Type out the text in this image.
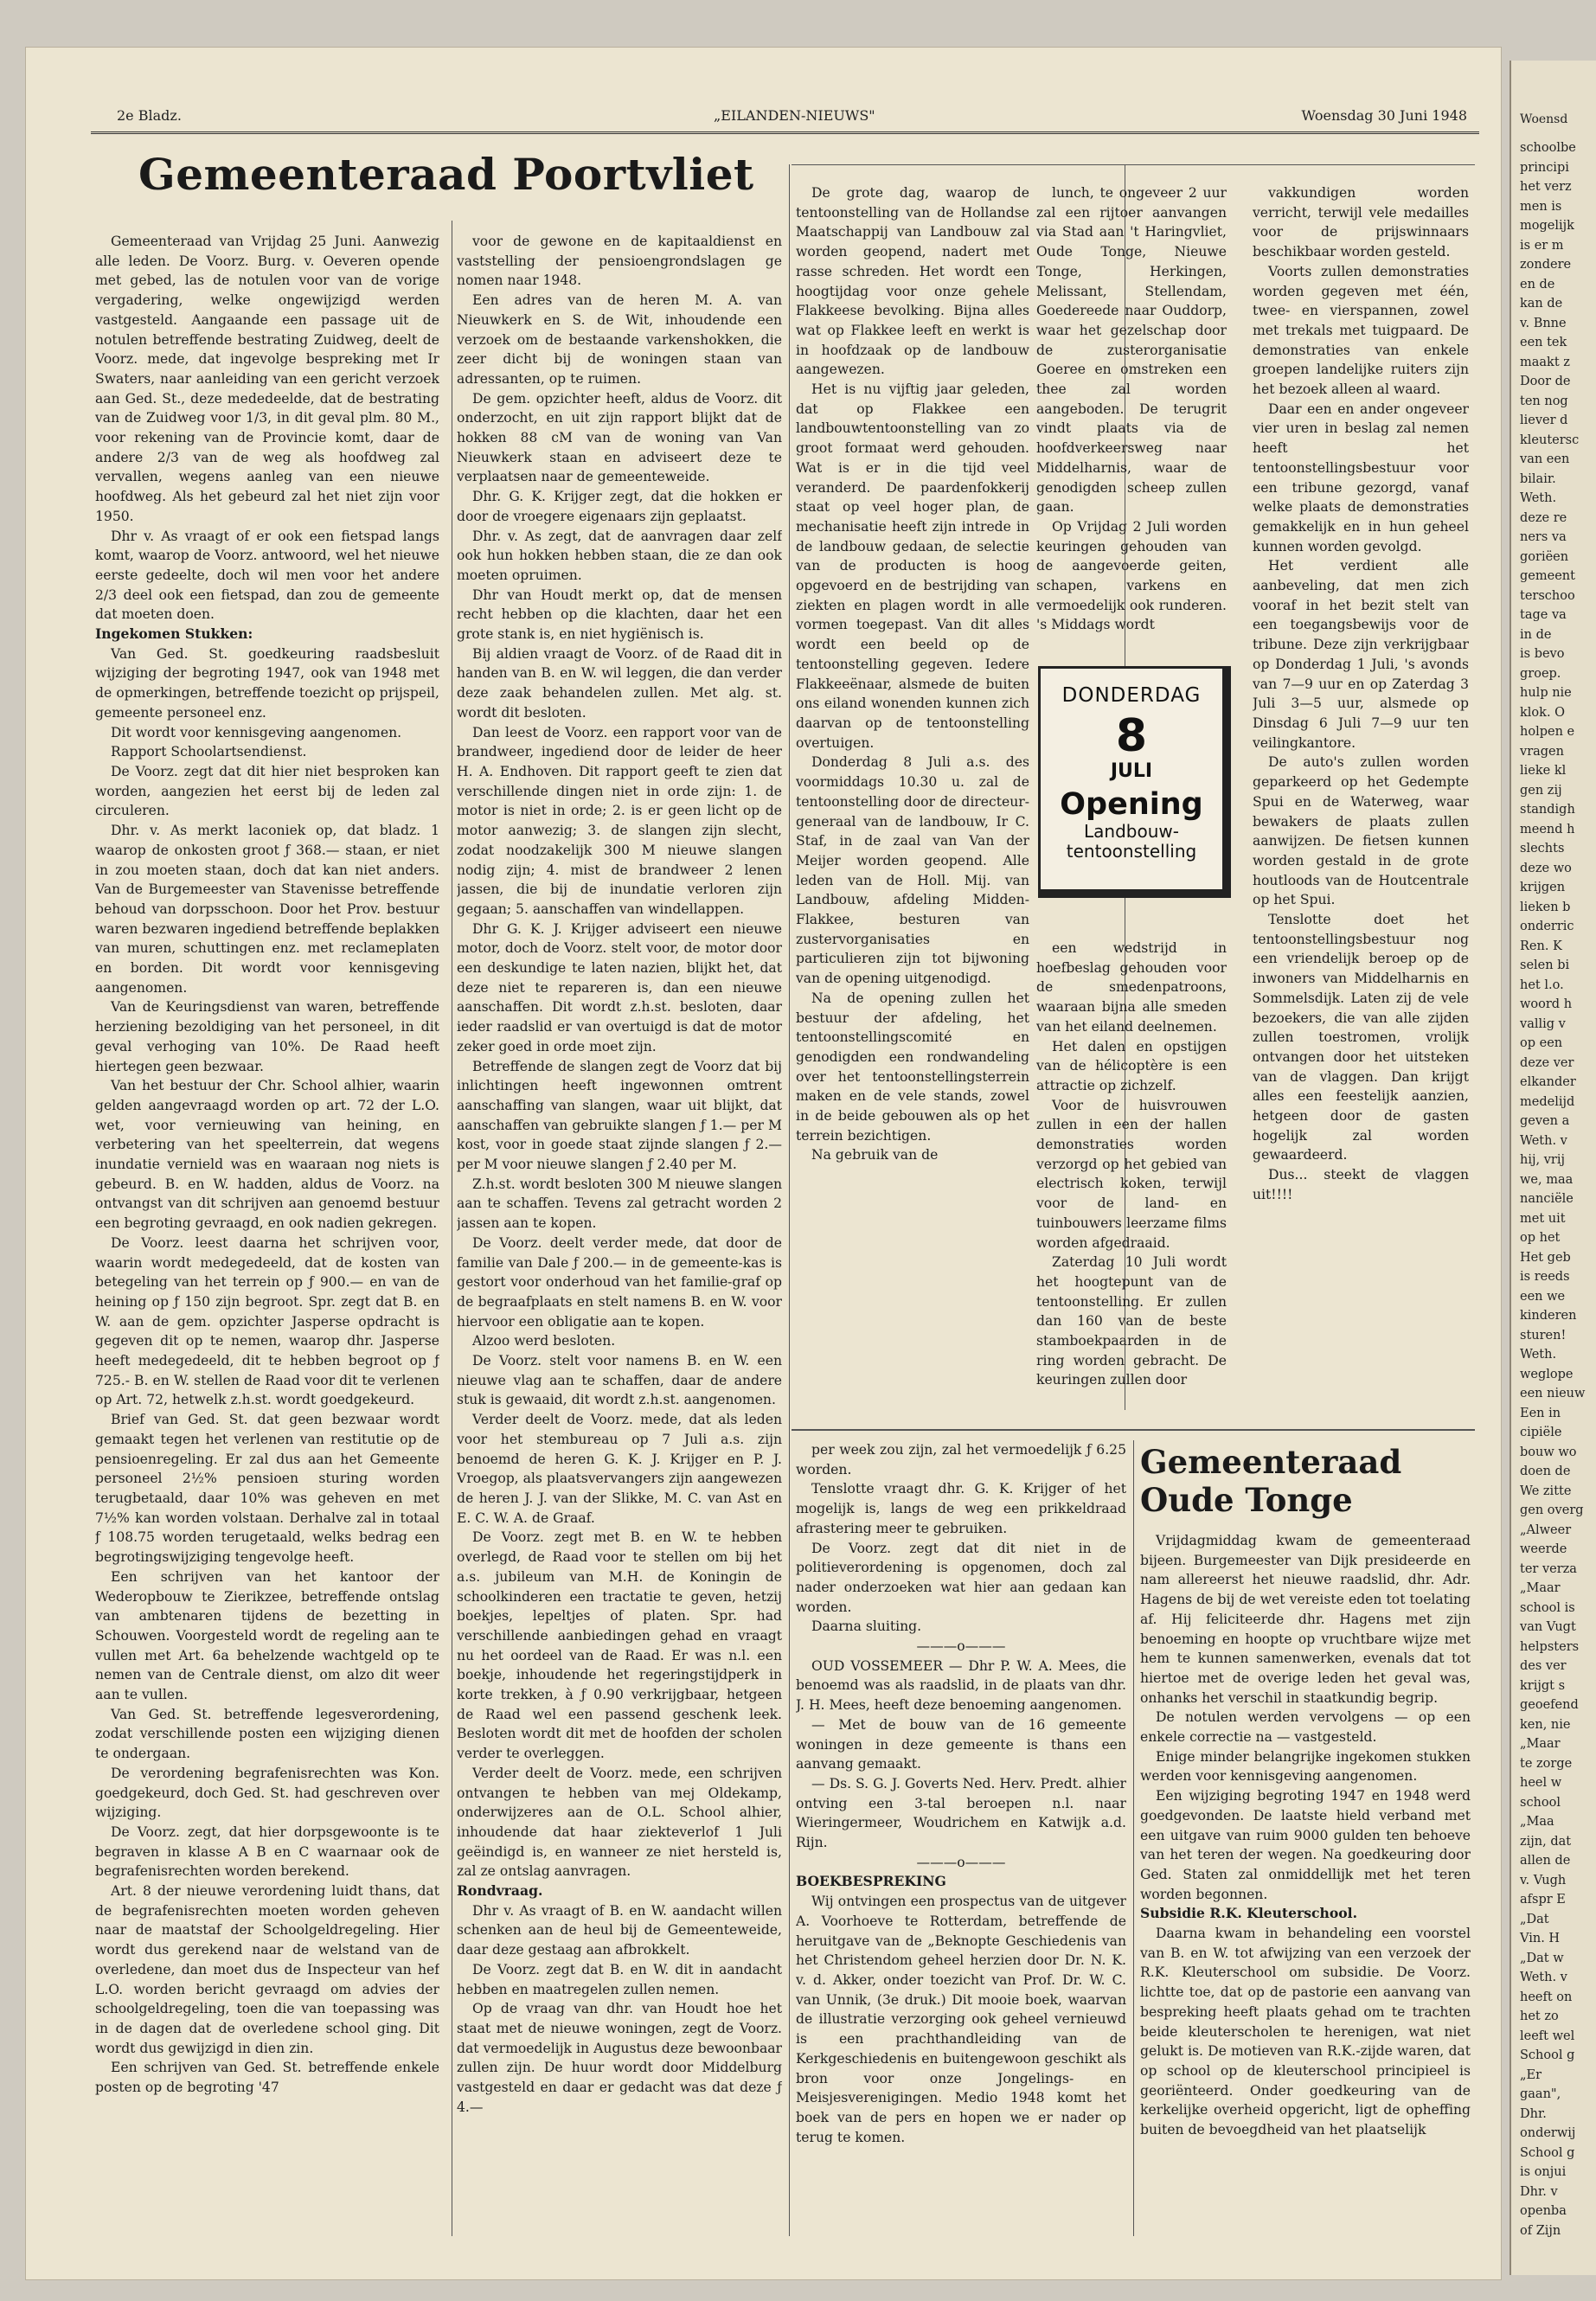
Woensd
schoolbe
principi
het verz
men is
mogelijk
is er m
zondere
en de
kan de
v. Bnne
een tek
maakt z
Door de
ten nog
liever d
kleutersc
van een
bilair.
Weth.
deze re
ners va
goriëen
gemeent
terschoo
tage va
in de
is bevo
groep.
hulp nie
klok. O
holpen e
vragen
lieke kl
gen zij
standigh
meend h
slechts
deze wo
krijgen
lieken b
onderric
Ren. K
selen bi
het l.o.
woord h
vallig v
op een
deze ver
elkander
medelijd
geven a
Weth. v
hij, vrij
we, maa
nanciële
met uit
op het
Het geb
is reeds
een we
kinderen
sturen!
Weth.
weglope
een nieuw
Een in
cipiële
bouw wo
doen de
We zitte
gen overg
„Alweer
weerde
ter verza
„Maar
school is
van Vugt
helpsters
des ver
krijgt s
geoefend
ken, nie
„Maar
te zorge
heel w
school
„Maa
zijn, dat
allen de
v. Vugh
afspr E
„Dat
Vin. H
„Dat w
Weth. v
heeft on
het zo
leeft wel
School g
„Er
gaan",
Dhr.
onderwij
School g
is onjui
Dhr. v
openba
of Zijn
2e Bladz.	„EILANDEN-NIEUWS"	Woensdag 30 Juni 1948
Gemeenteraad Poortvliet

Gemeenteraad van Vrijdag 25 Juni. Aanwezig alle leden. De Voorz. Burg. v. Oeveren opende met gebed, las de notulen voor van de vorige vergadering, welke ongewijzigd werden vastgesteld. Aangaande een passage uit de notulen betreffende bestrating Zuidweg, deelt de Voorz. mede, dat ingevolge bespreking met Ir Swaters, naar aanleiding van een gericht verzoek aan Ged. St., deze mededeelde, dat de bestrating van de Zuidweg voor 1/3, in dit geval plm. 80 M., voor rekening van de Provincie komt, daar de andere 2/3 van de weg als hoofdweg zal vervallen, wegens aanleg van een nieuwe hoofdweg. Als het gebeurd zal het niet zijn voor 1950.

Dhr v. As vraagt of er ook een fietspad langs komt, waarop de Voorz. antwoord, wel het nieuwe eerste gedeelte, doch wil men voor het andere 2/3 deel ook een fietspad, dan zou de gemeente dat moeten doen.

Ingekomen Stukken:

Van Ged. St. goedkeuring raadsbesluit wijziging der begroting 1947, ook van 1948 met de opmerkingen, betreffende toezicht op prijspeil, gemeente personeel enz.

Dit wordt voor kennisgeving aangenomen.

Rapport Schoolartsendienst.

De Voorz. zegt dat dit hier niet besproken kan worden, aangezien het eerst bij de leden zal circuleren.

Dhr. v. As merkt laconiek op, dat bladz. 1 waarop de onkosten groot ƒ 368.— staan, er niet in zou moeten staan, doch dat kan niet anders. Van de Burgemeester van Stavenisse betreffende behoud van dorpsschoon. Door het Prov. bestuur waren bezwaren ingediend betreffende beplakken van muren, schuttingen enz. met reclameplaten en borden. Dit wordt voor kennisgeving aangenomen.

Van de Keuringsdienst van waren, betreffende herziening bezoldiging van het personeel, in dit geval verhoging van 10%. De Raad heeft hiertegen geen bezwaar.

Van het bestuur der Chr. School alhier, waarin gelden aangevraagd worden op art. 72 der L.O. wet, voor vernieuwing van heining, en verbetering van het speelterrein, dat wegens inundatie vernield was en waaraan nog niets is gebeurd. B. en W. hadden, aldus de Voorz. na ontvangst van dit schrijven aan genoemd bestuur een begroting gevraagd, en ook nadien gekregen.

De Voorz. leest daarna het schrijven voor, waarin wordt medegedeeld, dat de kosten van betegeling van het terrein op ƒ 900.— en van de heining op ƒ 150 zijn begroot. Spr. zegt dat B. en W. aan de gem. opzichter Jasperse opdracht is gegeven dit op te nemen, waarop dhr. Jasperse heeft medegedeeld, dit te hebben begroot op ƒ 725.- B. en W. stellen de Raad voor dit te verlenen op Art. 72, hetwelk z.h.st. wordt goedgekeurd.

Brief van Ged. St. dat geen bezwaar wordt gemaakt tegen het verlenen van restitutie op de pensioenregeling. Er zal dus aan het Gemeente personeel 2½% pensioen sturing worden terugbetaald, daar 10% was geheven en met 7½% kan worden volstaan. Derhalve zal in totaal ƒ 108.75 worden terugetaald, welks bedrag een begrotingswijziging tengevolge heeft.

Een schrijven van het kantoor der Wederopbouw te Zierikzee, betreffende ontslag van ambtenaren tijdens de bezetting in Schouwen. Voorgesteld wordt de regeling aan te vullen met Art. 6a behelzende wachtgeld op te nemen van de Centrale dienst, om alzo dit weer aan te vullen.

Van Ged. St. betreffende legesverordening, zodat verschillende posten een wijziging dienen te ondergaan.

De verordening begrafenisrechten was Kon. goedgekeurd, doch Ged. St. had geschreven over wijziging.

De Voorz. zegt, dat hier dorpsgewoonte is te begraven in klasse A B en C waarnaar ook de begrafenisrechten worden berekend.

Art. 8 der nieuwe verordening luidt thans, dat de begrafenisrechten moeten worden geheven naar de maatstaf der Schoolgeldregeling. Hier wordt dus gerekend naar de welstand van de overledene, dan moet dus de Inspecteur van hef L.O. worden bericht gevraagd om advies der schoolgeldregeling, toen die van toepassing was in de dagen dat de overledene school ging. Dit wordt dus gewijzigd in dien zin.

Een schrijven van Ged. St. betreffende enkele posten op de begroting '47

voor de gewone en de kapitaaldienst en vaststelling der pensioengrondslagen ge nomen naar 1948.

Een adres van de heren M. A. van Nieuwkerk en S. de Wit, inhoudende een verzoek om de bestaande varkenshokken, die zeer dicht bij de woningen staan van adressanten, op te ruimen.

De gem. opzichter heeft, aldus de Voorz. dit onderzocht, en uit zijn rapport blijkt dat de hokken 88 cM van de woning van Van Nieuwkerk staan en adviseert deze te verplaatsen naar de gemeenteweide.

Dhr. G. K. Krijger zegt, dat die hokken er door de vroegere eigenaars zijn geplaatst.

Dhr. v. As zegt, dat de aanvragen daar zelf ook hun hokken hebben staan, die ze dan ook moeten opruimen.

Dhr van Houdt merkt op, dat de mensen recht hebben op die klachten, daar het een grote stank is, en niet hygiënisch is.

Bij aldien vraagt de Voorz. of de Raad dit in handen van B. en W. wil leggen, die dan verder deze zaak behandelen zullen. Met alg. st. wordt dit besloten.

Dan leest de Voorz. een rapport voor van de brandweer, ingediend door de leider de heer H. A. Endhoven. Dit rapport geeft te zien dat verschillende dingen niet in orde zijn: 1. de motor is niet in orde; 2. is er geen licht op de motor aanwezig; 3. de slangen zijn slecht, zodat noodzakelijk 300 M nieuwe slangen nodig zijn; 4. mist de brandweer 2 lenen jassen, die bij de inundatie verloren zijn gegaan; 5. aanschaffen van windellappen.

Dhr G. K. J. Krijger adviseert een nieuwe motor, doch de Voorz. stelt voor, de motor door een deskundige te laten nazien, blijkt het, dat deze niet te repareren is, dan een nieuwe aanschaffen. Dit wordt z.h.st. besloten, daar ieder raadslid er van overtuigd is dat de motor zeker goed in orde moet zijn.

Betreffende de slangen zegt de Voorz dat bij inlichtingen heeft ingewonnen omtrent aanschaffing van slangen, waar uit blijkt, dat aanschaffen van gebruikte slangen ƒ 1.— per M kost, voor in goede staat zijnde slangen ƒ 2.— per M voor nieuwe slangen ƒ 2.40 per M.

Z.h.st. wordt besloten 300 M nieuwe slangen aan te schaffen. Tevens zal getracht worden 2 jassen aan te kopen.

De Voorz. deelt verder mede, dat door de familie van Dale ƒ 200.— in de gemeente-kas is gestort voor onderhoud van het familie-graf op de begraafplaats en stelt namens B. en W. voor hiervoor een obligatie aan te kopen.

Alzoo werd besloten.

De Voorz. stelt voor namens B. en W. een nieuwe vlag aan te schaffen, daar de andere stuk is gewaaid, dit wordt z.h.st. aangenomen.

Verder deelt de Voorz. mede, dat als leden voor het stembureau op 7 Juli a.s. zijn benoemd de heren G. K. J. Krijger en P. J. Vroegop, als plaatsvervangers zijn aangewezen de heren J. J. van der Slikke, M. C. van Ast en E. C. W. A. de Graaf.

De Voorz. zegt met B. en W. te hebben overlegd, de Raad voor te stellen om bij het a.s. jubileum van M.H. de Koningin de schoolkinderen een tractatie te geven, hetzij boekjes, lepeltjes of platen. Spr. had verschillende aanbiedingen gehad en vraagt nu het oordeel van de Raad. Er was n.l. een boekje, inhoudende het regeringstijdperk in korte trekken, à ƒ 0.90 verkrijgbaar, hetgeen de Raad wel een passend geschenk leek. Besloten wordt dit met de hoofden der scholen verder te overleggen.

Verder deelt de Voorz. mede, een schrijven ontvangen te hebben van mej Oldekamp, onderwijzeres aan de O.L. School alhier, inhoudende dat haar ziekteverlof 1 Juli geëindigd is, en wanneer ze niet hersteld is, zal ze ontslag aanvragen.

Rondvraag.

Dhr v. As vraagt of B. en W. aandacht willen schenken aan de heul bij de Gemeenteweide, daar deze gestaag aan afbrokkelt.

De Voorz. zegt dat B. en W. dit in aandacht hebben en maatregelen zullen nemen.

Op de vraag van dhr. van Houdt hoe het staat met de nieuwe woningen, zegt de Voorz. dat vermoedelijk in Augustus deze bewoonbaar zullen zijn. De huur wordt door Middelburg vastgesteld en daar er gedacht was dat deze ƒ 4.—

De grote dag, waarop de tentoonstelling van de Hollandse Maatschappij van Landbouw zal worden geopend, nadert met rasse schreden. Het wordt een hoogtijdag voor onze gehele Flakkeese bevolking. Bijna alles wat op Flakkee leeft en werkt is in hoofdzaak op de landbouw aangewezen.

Het is nu vijftig jaar geleden, dat op Flakkee een landbouwtentoonstelling van zo groot formaat werd gehouden. Wat is er in die tijd veel veranderd. De paardenfokkerij staat op veel hoger plan, de mechanisatie heeft zijn intrede in de landbouw gedaan, de selectie van de producten is hoog opgevoerd en de bestrijding van ziekten en plagen wordt in alle vormen toegepast. Van dit alles wordt een beeld op de tentoonstelling gegeven. Iedere Flakkeeënaar, alsmede de buiten ons eiland wonenden kunnen zich daarvan op de tentoonstelling overtuigen.

Donderdag 8 Juli a.s. des voormiddags 10.30 u. zal de tentoonstelling door de directeur-generaal van de landbouw, Ir C. Staf, in de zaal van Van der Meijer worden geopend. Alle leden van de Holl. Mij. van Landbouw, afdeling Midden-Flakkee, besturen van zustervorganisaties en particulieren zijn tot bijwoning van de opening uitgenodigd.

Na de opening zullen het bestuur der afdeling, het tentoonstellingscomité en genodigden een rondwandeling over het tentoonstellingsterrein maken en de vele stands, zowel in de beide gebouwen als op het terrein bezichtigen.

Na gebruik van de

lunch, te ongeveer 2 uur zal een rijtoer aanvangen via Stad aan 't Haringvliet, Oude Tonge, Nieuwe Tonge, Herkingen, Melissant, Stellendam, Goedereede naar Ouddorp, waar het gezelschap door de zusterorganisatie Goeree en omstreken een thee zal worden aangeboden. De terugrit vindt plaats via de hoofdverkeersweg naar Middelharnis, waar de genodigden scheep zullen gaan.

Op Vrijdag 2 Juli worden keuringen gehouden van de aangevoerde geiten, schapen, varkens en vermoedelijk ook runderen. 's Middags wordt

een wedstrijd in hoefbeslag gehouden voor de smedenpatroons, waaraan bijna alle smeden van het eiland deelnemen.

Het dalen en opstijgen van de hélicoptère is een attractie op zichzelf.

Voor de huisvrouwen zullen in een der hallen demonstraties worden verzorgd op het gebied van electrisch koken, terwijl voor de land- en tuinbouwers leerzame films worden afgedraaid.

Zaterdag 10 Juli wordt het hoogtepunt van de tentoonstelling. Er zullen dan 160 van de beste stamboekpaarden in de ring worden gebracht. De keuringen zullen door

vakkundigen worden verricht, terwijl vele medailles voor de prijswinnaars beschikbaar worden gesteld.

Voorts zullen demonstraties worden gegeven met één, twee- en vierspannen, zowel met trekals met tuigpaard. De demonstraties van enkele groepen landelijke ruiters zijn het bezoek alleen al waard.

Daar een en ander ongeveer vier uren in beslag zal nemen heeft het tentoonstellingsbestuur voor een tribune gezorgd, vanaf welke plaats de demonstraties gemakkelijk en in hun geheel kunnen worden gevolgd.

Het verdient alle aanbeveling, dat men zich vooraf in het bezit stelt van een toegangsbewijs voor de tribune. Deze zijn verkrijgbaar op Donderdag 1 Juli, 's avonds van 7—9 uur en op Zaterdag 3 Juli 3—5 uur, alsmede op Dinsdag 6 Juli 7—9 uur ten veilingkantore.

De auto's zullen worden geparkeerd op het Gedempte Spui en de Waterweg, waar bewakers de plaats zullen aanwijzen. De fietsen kunnen worden gestald in de grote houtloods van de Houtcentrale op het Spui.

Tenslotte doet het tentoonstellingsbestuur nog een vriendelijk beroep op de inwoners van Middelharnis en Sommelsdijk. Laten zij de vele bezoekers, die van alle zijden zullen toestromen, vrolijk ontvangen door het uitsteken van de vlaggen. Dan krijgt alles een feestelijk aanzien, hetgeen door de gasten hogelijk zal worden gewaardeerd.

Dus... steekt de vlaggen uit!!!!

DONDERDAG
8
JULI
Opening
Landbouw-
tentoonstelling

per week zou zijn, zal het vermoedelijk ƒ 6.25 worden.

Tenslotte vraagt dhr. G. K. Krijger of het mogelijk is, langs de weg een prikkeldraad afrastering meer te gebruiken.

De Voorz. zegt dat dit niet in de politieverordening is opgenomen, doch zal nader onderzoeken wat hier aan gedaan kan worden.

Daarna sluiting.

———o———

OUD VOSSEMEER — Dhr P. W. A. Mees, die benoemd was als raadslid, in de plaats van dhr. J. H. Mees, heeft deze benoeming aangenomen.

— Met de bouw van de 16 gemeente woningen in deze gemeente is thans een aanvang gemaakt.

— Ds. S. G. J. Goverts Ned. Herv. Predt. alhier ontving een 3-tal beroepen n.l. naar Wieringermeer, Woudrichem en Katwijk a.d. Rijn.

———o———

BOEKBESPREKING

Wij ontvingen een prospectus van de uitgever A. Voorhoeve te Rotterdam, betreffende de heruitgave van de „Beknopte Geschiedenis van het Christendom geheel herzien door Dr. N. K. v. d. Akker, onder toezicht van Prof. Dr. W. C. van Unnik, (3e druk.) Dit mooie boek, waarvan de illustratie verzorging ook geheel vernieuwd is een prachthandleiding van de Kerkgeschiedenis en buitengewoon geschikt als bron voor onze Jongelings- en Meisjesverenigingen. Medio 1948 komt het boek van de pers en hopen we er nader op terug te komen.

Gemeenteraad
Oude Tonge

Vrijdagmiddag kwam de gemeenteraad bijeen. Burgemeester van Dijk presideerde en nam allereerst het nieuwe raadslid, dhr. Adr. Hagens de bij de wet vereiste eden tot toelating af. Hij feliciteerde dhr. Hagens met zijn benoeming en hoopte op vruchtbare wijze met hem te kunnen samenwerken, evenals dat tot hiertoe met de overige leden het geval was, onhanks het verschil in staatkundig begrip.

De notulen werden vervolgens — op een enkele correctie na — vastgesteld.

Enige minder belangrijke ingekomen stukken werden voor kennisgeving aangenomen.

Een wijziging begroting 1947 en 1948 werd goedgevonden. De laatste hield verband met een uitgave van ruim 9000 gulden ten behoeve van het teren der wegen. Na goedkeuring door Ged. Staten zal onmiddellijk met het teren worden begonnen.

Subsidie R.K. Kleuterschool.

Daarna kwam in behandeling een voorstel van B. en W. tot afwijzing van een verzoek der R.K. Kleuterschool om subsidie. De Voorz. lichtte toe, dat op de pastorie een aanvang van bespreking heeft plaats gehad om te trachten beide kleuterscholen te herenigen, wat niet gelukt is. De motieven van R.K.-zijde waren, dat op school op de kleuterschool principieel is georiënteerd. Onder goedkeuring van de kerkelijke overheid opgericht, ligt de opheffing buiten de bevoegdheid van het plaatselijk
